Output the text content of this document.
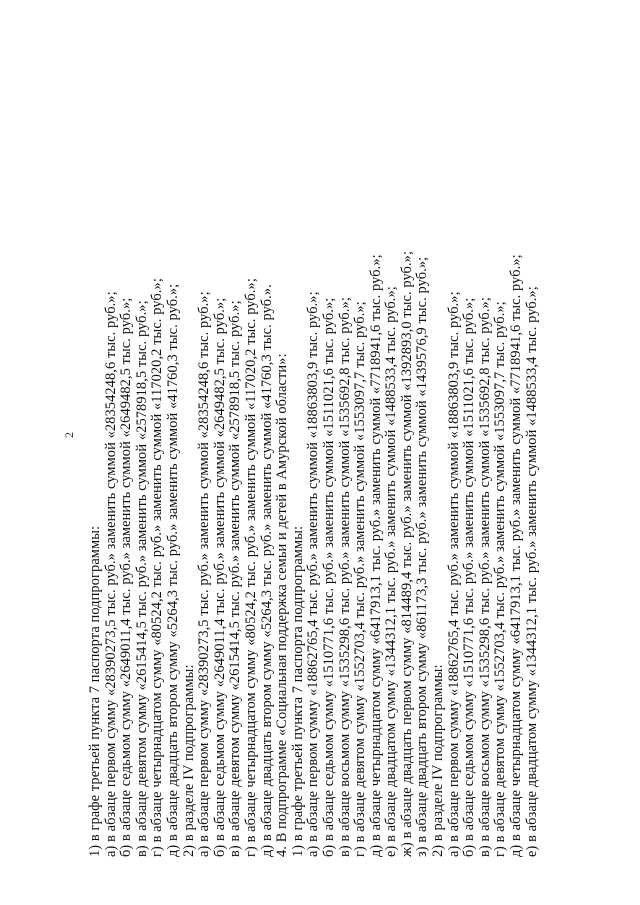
2
1) в графе третьей пункта 7 паспорта подпрограммы: а) в абзаце первом сумму «28390273,5 тыс. руб.» заменить суммой «28354248,6 тыс. руб.»; б) в абзаце седьмом сумму «2649011,4 тыс. руб.» заменить суммой «2649482,5 тыс. руб.»; в) в абзаце девятом сумму «2615414,5 тыс. руб.» заменить суммой «2578918,5 тыс. руб.»; г) в абзаце четырнадцатом сумму «80524,2 тыс. руб.» заменить суммой «117020,2 тыс. руб.»; д) в абзаце двадцать втором сумму «5264,3 тыс. руб.» заменить суммой «41760,3 тыс. руб.»; 2) в разделе IV подпрограммы: а) в абзаце первом сумму «28390273,5 тыс. руб.» заменить суммой «28354248,6 тыс. руб.»; б) в абзаце седьмом сумму «2649011,4 тыс. руб.» заменить суммой «2649482,5 тыс. руб.»; в) в абзаце девятом сумму «2615414,5 тыс. руб.» заменить суммой «2578918,5 тыс. руб.»; г) в абзаце четырнадцатом сумму «80524,2 тыс. руб.» заменить суммой «117020,2 тыс. руб.»; д) в абзаце двадцать втором сумму «5264,3 тыс. руб.» заменить суммой «41760,3 тыс. руб.». 4. В подпрограмме «Социальная поддержка семьи и детей в Амурской области»: 1) в графе третьей пункта 7 паспорта подпрограммы: а) в абзаце первом сумму «18862765,4 тыс. руб.» заменить суммой «18863803,9 тыс. руб.»; б) в абзаце седьмом сумму «1510771,6 тыс. руб.» заменить суммой «1511021,6 тыс. руб.»; в) в абзаце восьмом сумму «1535298,6 тыс. руб.» заменить суммой «1535692,8 тыс. руб.»; г) в абзаце девятом сумму «1552703,4 тыс. руб.» заменить суммой «1553097,7 тыс. руб.»; д) в абзаце четырнадцатом сумму «6417913,1 тыс. руб.» заменить суммой «7718941,6 тыс. руб.»; е) в абзаце двадцатом сумму «1344312,1 тыс. руб.» заменить суммой «1488533,4 тыс. руб.»; ж) в абзаце двадцать первом сумму «814489,4 тыс. руб.» заменить суммой «1392893,0 тыс. руб.»; з) в абзаце двадцать втором сумму «861173,3 тыс. руб.» заменить суммой «1439576,9 тыс. руб.»; 2) в разделе IV подпрограммы: а) в абзаце первом сумму «18862765,4 тыс. руб.» заменить суммой «18863803,9 тыс. руб.»; б) в абзаце седьмом сумму «1510771,6 тыс. руб.» заменить суммой «1511021,6 тыс. руб.»; в) в абзаце восьмом сумму «1535298,6 тыс. руб.» заменить суммой «1535692,8 тыс. руб.»; г) в абзаце девятом сумму «1552703,4 тыс. руб.» заменить суммой «1553097,7 тыс. руб.»; д) в абзаце четырнадцатом сумму «6417913,1 тыс. руб.» заменить суммой «7718941,6 тыс. руб.»; е) в абзаце двадцатом сумму «1344312,1 тыс. руб.» заменить суммой «1488533,4 тыс. руб.»;
